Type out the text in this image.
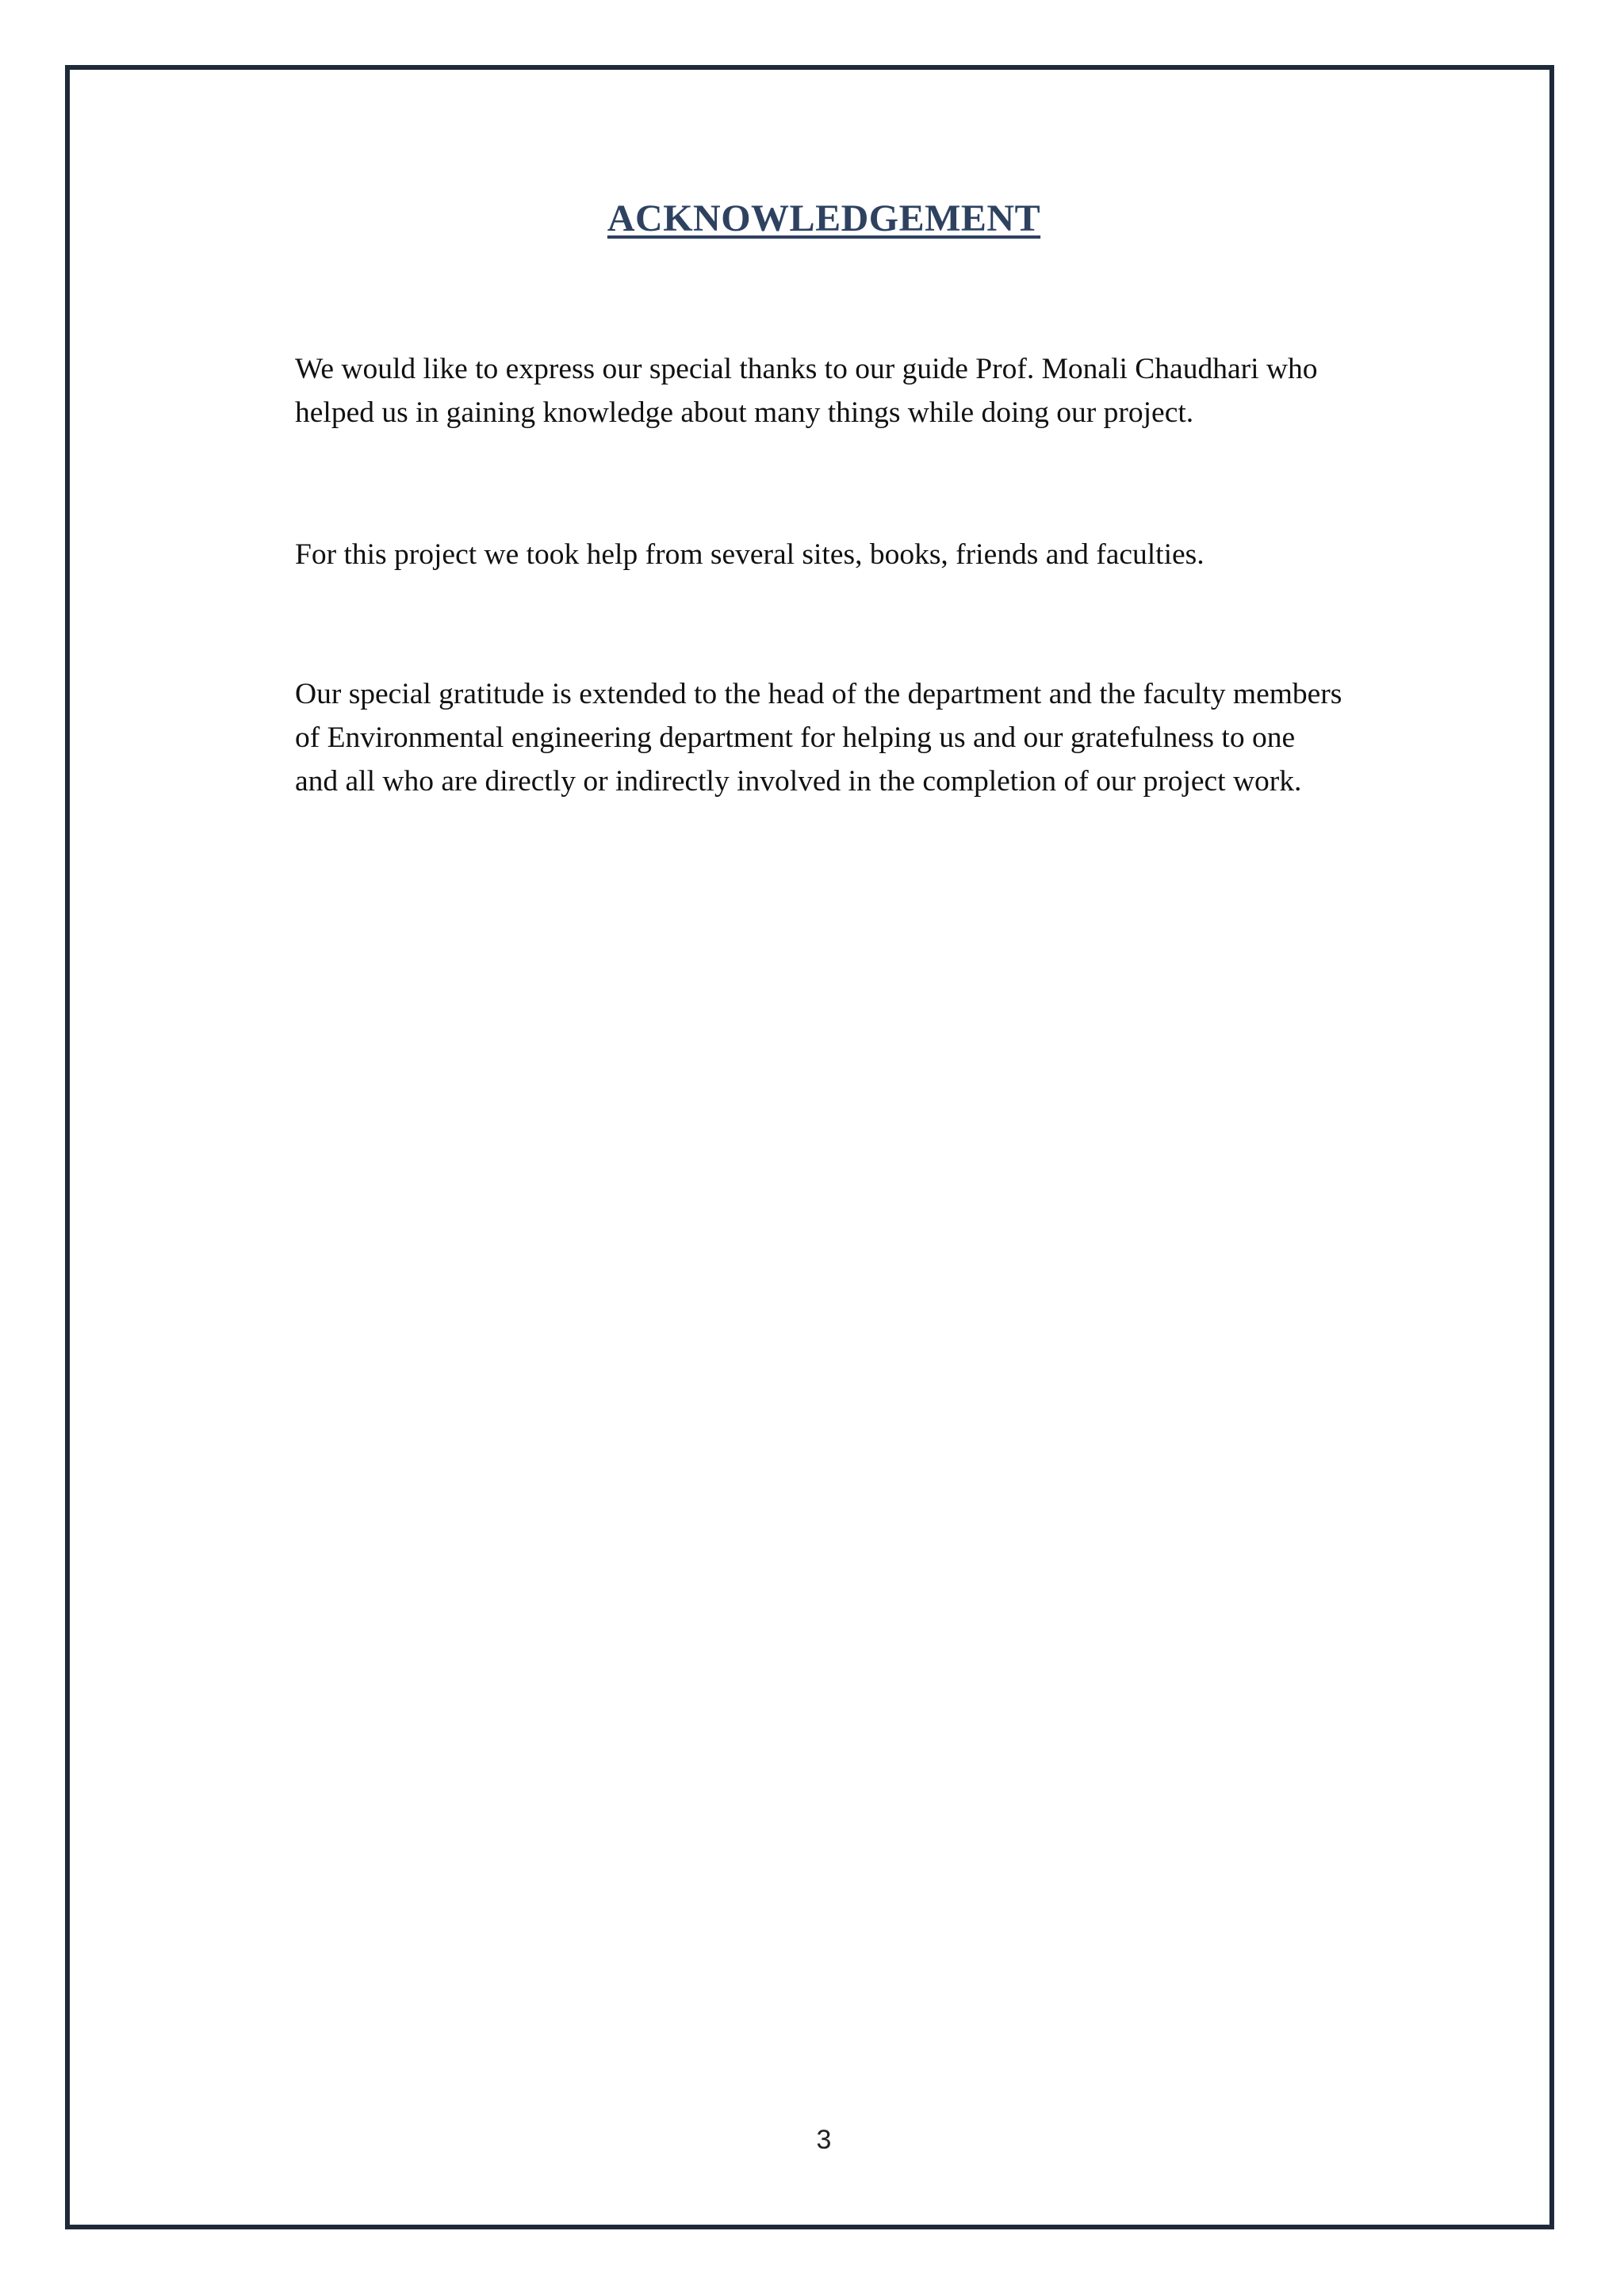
ACKNOWLEDGEMENT

We would like to express our special thanks to our guide Prof. Monali Chaudhari who
helped us in gaining knowledge about many things while doing our project.

For this project we took help from several sites, books, friends and faculties.

Our special gratitude is extended to the head of the department and the faculty members
of Environmental engineering department for helping us and our gratefulness to one
and all who are directly or indirectly involved in the completion of our project work.

3
